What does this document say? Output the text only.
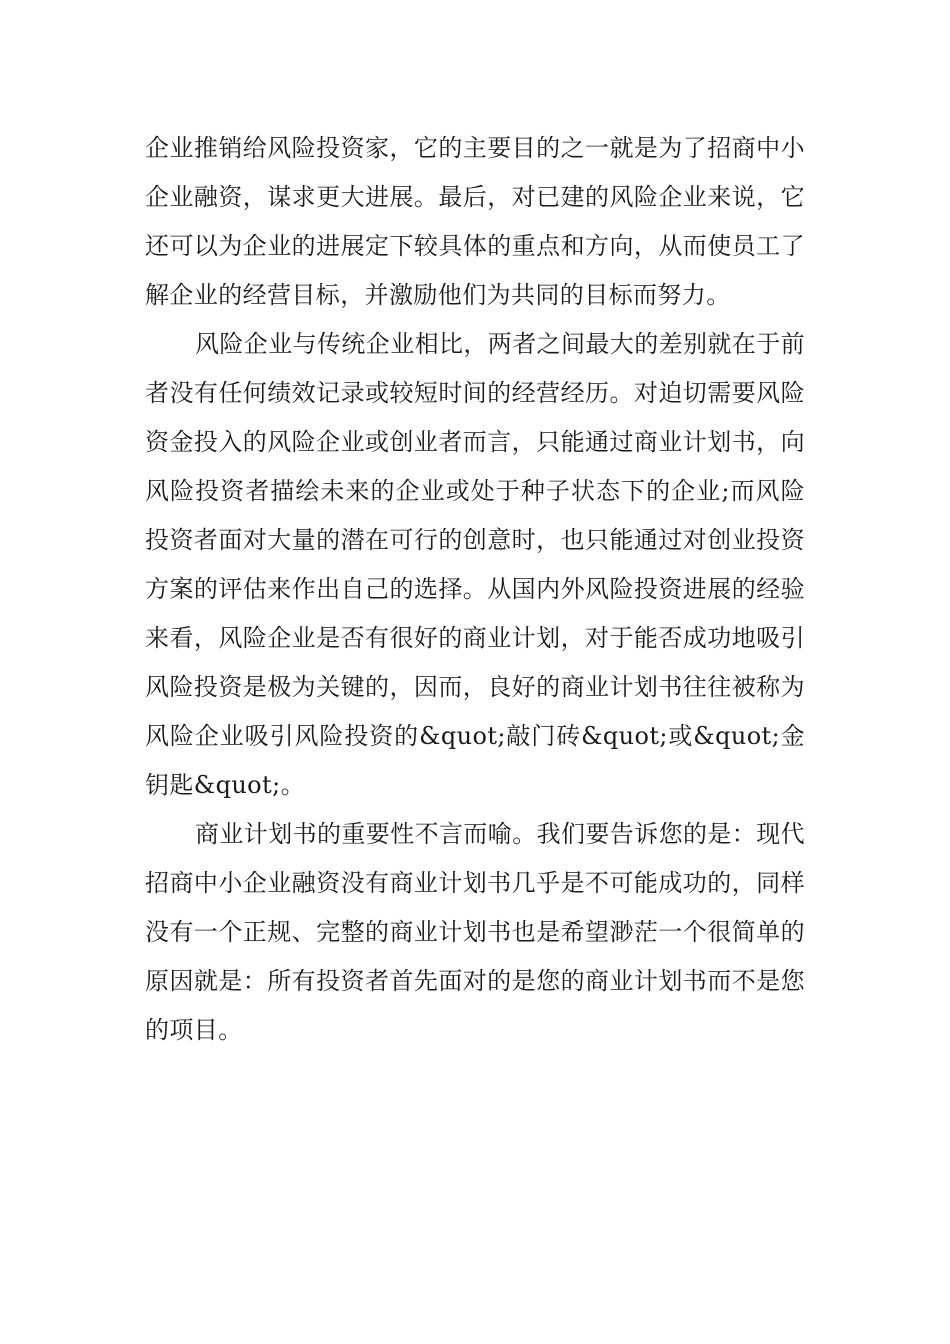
企业推销给风险投资家，它的主要目的之一就是为了招商中小企业融资，谋求更大进展。最后，对已建的风险企业来说，它还可以为企业的进展定下较具体的重点和方向，从而使员工了解企业的经营目标，并激励他们为共同的目标而努力。

风险企业与传统企业相比，两者之间最大的差别就在于前者没有任何绩效记录或较短时间的经营经历。对迫切需要风险资金投入的风险企业或创业者而言，只能通过商业计划书，向风险投资者描绘未来的企业或处于种子状态下的企业;而风险投资者面对大量的潜在可行的创意时，也只能通过对创业投资方案的评估来作出自己的选择。从国内外风险投资进展的经验来看，风险企业是否有很好的商业计划，对于能否成功地吸引风险投资是极为关键的，因而，良好的商业计划书往往被称为风险企业吸引风险投资的&quot;敲门砖&quot;或&quot;金钥匙&quot;。

商业计划书的重要性不言而喻。我们要告诉您的是：现代招商中小企业融资没有商业计划书几乎是不可能成功的，同样没有一个正规、完整的商业计划书也是希望渺茫一个很简单的原因就是：所有投资者首先面对的是您的商业计划书而不是您的项目。
